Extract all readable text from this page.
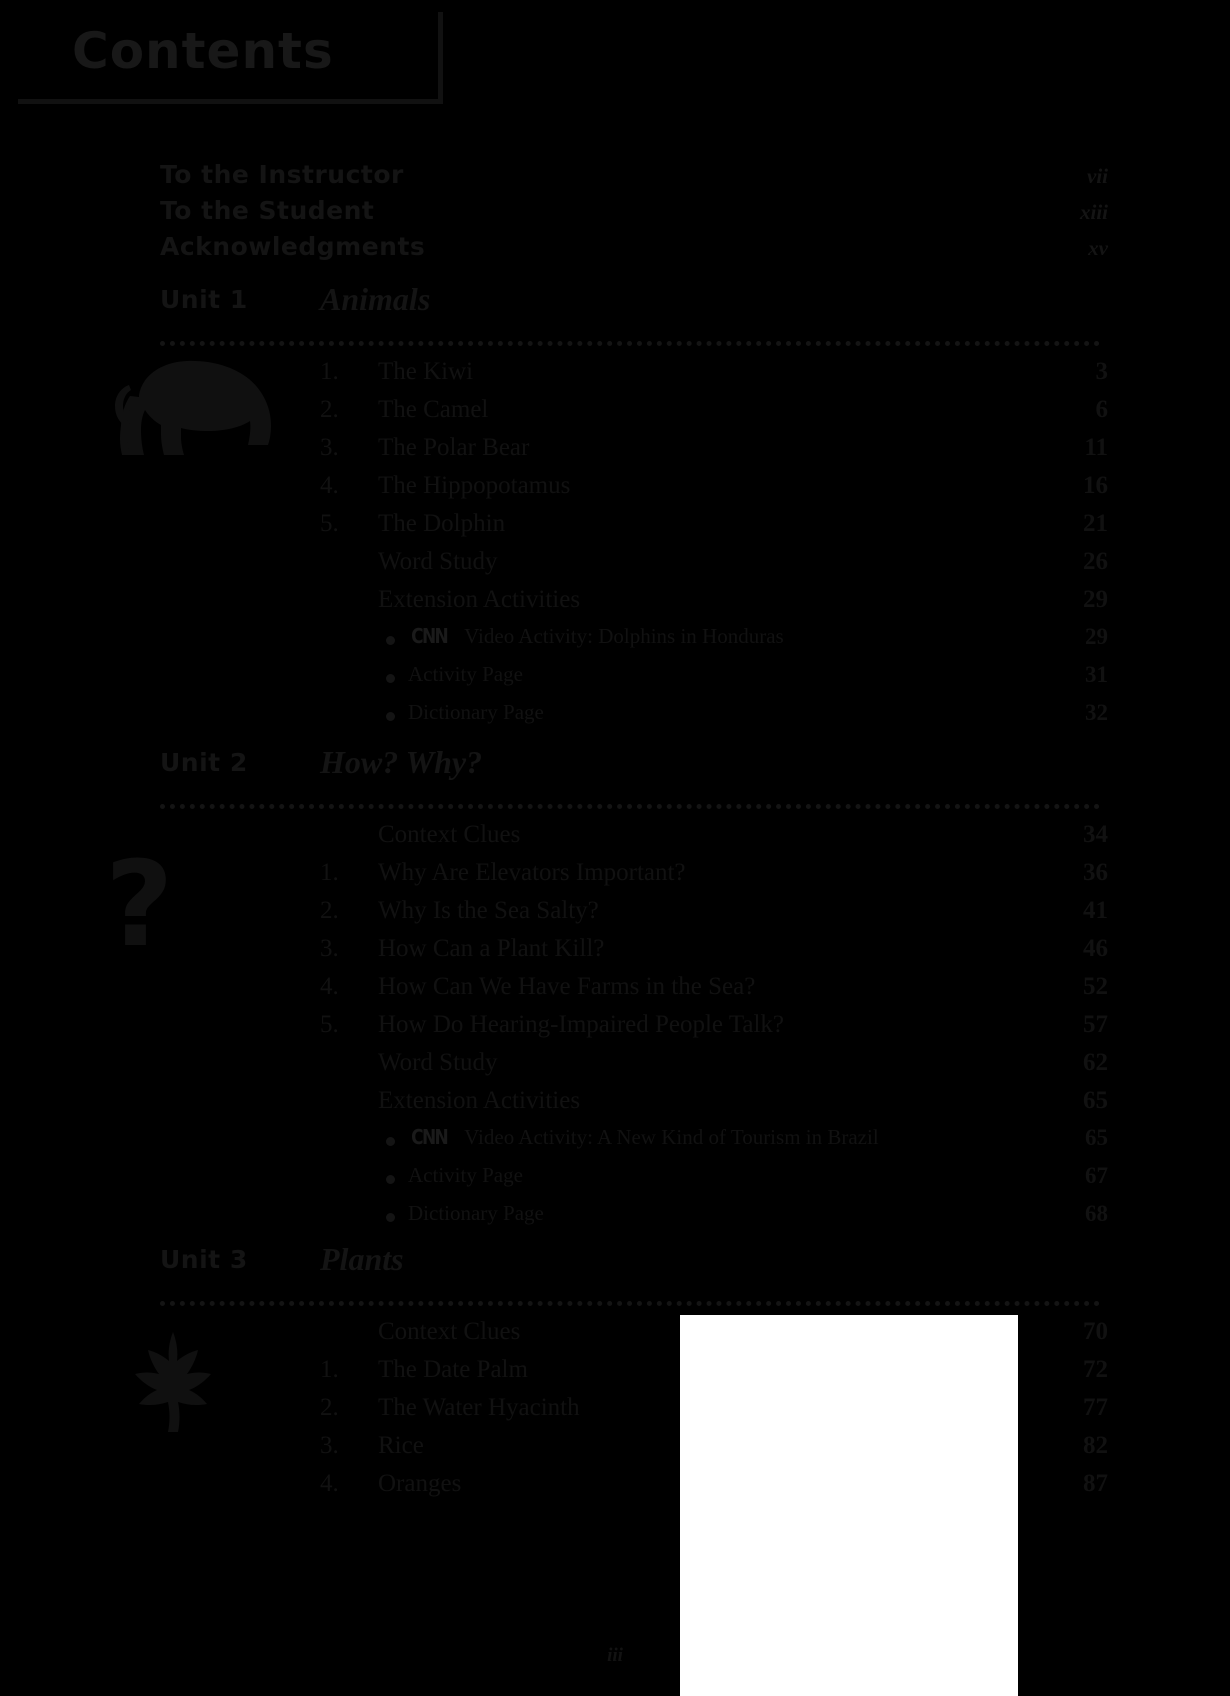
Contents
To the Instructor	vii
To the Student	xiii
Acknowledgments	xv
?
Unit 1 Animals
1.	The Kiwi	3
2.	The Camel	6
3.	The Polar Bear	11
4.	The Hippopotamus	16
5.	The Dolphin	21
Word Study	26
Extension Activities	29
CNN Video Activity: Dolphins in Honduras	29
Activity Page	31
Dictionary Page	32
Unit 2 How? Why?
Context Clues	34
1.	Why Are Elevators Important?	36
2.	Why Is the Sea Salty?	41
3.	How Can a Plant Kill?	46
4.	How Can We Have Farms in the Sea?	52
5.	How Do Hearing-Impaired People Talk?	57
Word Study	62
Extension Activities	65
CNN Video Activity: A New Kind of Tourism in Brazil	65
Activity Page	67
Dictionary Page	68
Unit 3 Plants
Context Clues	70
1.	The Date Palm	72
2.	The Water Hyacinth	77
3.	Rice	82
4.	Oranges	87
iii
